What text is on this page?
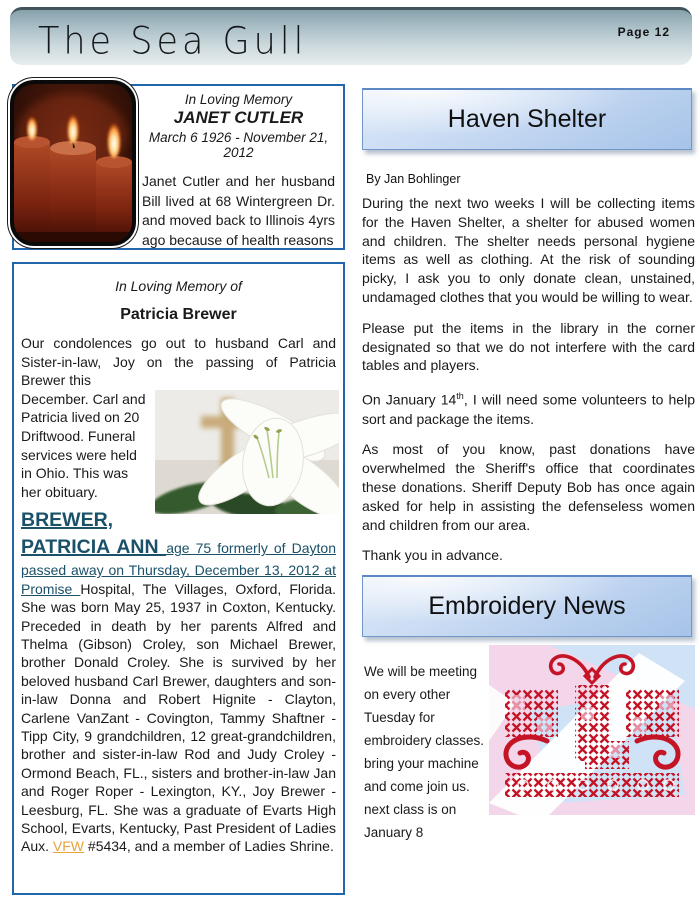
The Sea Gull	Page 12
In Loving Memory
JANET CUTLER
March 6 1926 - November 21, 2012
Janet Cutler and her husband Bill lived at 68 Wintergreen Dr. and moved back to Illinois 4yrs ago because of health reasons
In Loving Memory of
Patricia Brewer
Our condolences go out to husband Carl and Sister-in-law, Joy on the passing of Patricia Brewer this
December. Carl and Patricia lived on 20 Driftwood. Funeral services were held in Ohio. This was her obituary.
BREWER, PATRICIA ANN age 75 formerly of Dayton passed away on Thursday, December 13, 2012 at Promise Hospital, The Villages, Oxford, Florida. She was born May 25, 1937 in Coxton, Kentucky. Preceded in death by her parents Alfred and Thelma (Gibson) Croley, son Michael Brewer, brother Donald Croley. She is survived by her beloved husband Carl Brewer, daughters and son-in-law Donna and Robert Hignite - Clayton, Carlene VanZant - Covington, Tammy Shaftner - Tipp City, 9 grandchildren, 12 great-grandchildren, brother and sister-in-law Rod and Judy Croley - Ormond Beach, FL., sisters and brother-in-law Jan and Roger Roper - Lexington, KY., Joy Brewer - Leesburg, FL. She was a graduate of Evarts High School, Evarts, Kentucky, Past President of Ladies Aux. VFW #5434, and a member of Ladies Shrine.
Haven Shelter
By Jan Bohlinger

During the next two weeks I will be collecting items for the Haven Shelter, a shelter for abused women and children. The shelter needs personal hygiene items as well as clothing. At the risk of sounding picky, I ask you to only donate clean, unstained, undamaged clothes that you would be willing to wear.

Please put the items in the library in the corner designated so that we do not interfere with the card tables and players.

On January 14th, I will need some volunteers to help sort and package the items.

As most of you know, past donations have overwhelmed the Sheriff's office that coordinates these donations. Sheriff Deputy Bob has once again asked for help in assisting the defenseless women and children from our area.

Thank you in advance.

Embroidery News
We will be meeting on every other Tuesday for embroidery classes. bring your machine and come join us. next class is on January 8
